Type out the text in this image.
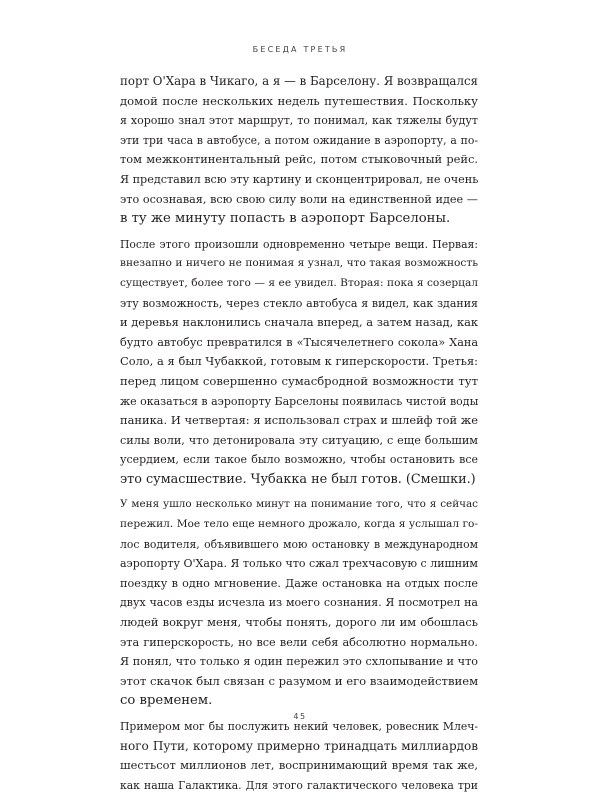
БЕСЕДА ТРЕТЬЯ
порт О'Хара в Чикаго, а я — в Барселону. Я возвращался
домой после нескольких недель путешествия. Поскольку
я хорошо знал этот маршрут, то понимал, как тяжелы будут
эти три часа в автобусе, а потом ожидание в аэропорту, а по-
том межконтинентальный рейс, потом стыковочный рейс.
Я представил всю эту картину и сконцентрировал, не очень
это осознавая, всю свою силу воли на единственной идее —
в ту же минуту попасть в аэропорт Барселоны.
После этого произошли одновременно четыре вещи. Первая:
внезапно и ничего не понимая я узнал, что такая возможность
существует, более того — я ее увидел. Вторая: пока я созерцал
эту возможность, через стекло автобуса я видел, как здания
и деревья наклонились сначала вперед, а затем назад, как
будто автобус превратился в «Тысячелетнего сокола» Хана
Соло, а я был Чубаккой, готовым к гиперскорости. Третья:
перед лицом совершенно сумасбродной возможности тут
же оказаться в аэропорту Барселоны появилась чистой воды
паника. И четвертая: я использовал страх и шлейф той же
силы воли, что детонировала эту ситуацию, с еще большим
усердием, если такое было возможно, чтобы остановить все
это сумасшествие. Чубакка не был готов. (Смешки.)
У меня ушло несколько минут на понимание того, что я сейчас
пережил. Мое тело еще немного дрожало, когда я услышал го-
лос водителя, объявившего мою остановку в международном
аэропорту О'Хара. Я только что сжал трехчасовую с лишним
поездку в одно мгновение. Даже остановка на отдых после
двух часов езды исчезла из моего сознания. Я посмотрел на
людей вокруг меня, чтобы понять, дорого ли им обошлась
эта гиперскорость, но все вели себя абсолютно нормально.
Я понял, что только я один пережил это схлопывание и что
этот скачок был связан с разумом и его взаимодействием
со временем.
Примером мог бы послужить некий человек, ровесник Млеч-
ного Пути, которому примерно тринадцать миллиардов
шестьсот миллионов лет, воспринимающий время так же,
как наша Галактика. Для этого галактического человека три
45
